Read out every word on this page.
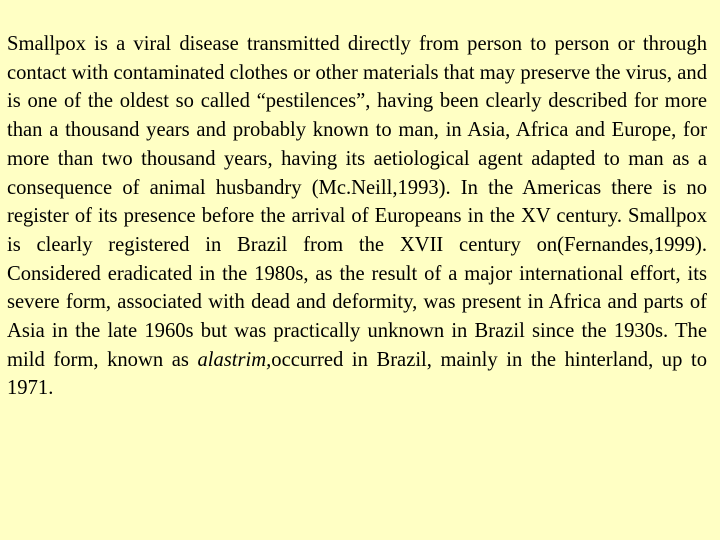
Smallpox is a viral disease transmitted directly from person to person or through contact with contaminated clothes or other materials that may preserve the virus, and is one of the oldest so called “pestilences”, having been clearly described for more than a thousand years and probably known to man, in Asia, Africa and Europe, for more than two thousand years, having its aetiological agent adapted to man as a consequence of animal husbandry (Mc.Neill,1993). In the Americas there is no register of its presence before the arrival of Europeans in the XV century. Smallpox is clearly registered in Brazil from the XVII century on(Fernandes,1999). Considered eradicated in the 1980s, as the result of a major international effort, its severe form, associated with dead and deformity, was present in Africa and parts of Asia in the late 1960s but was practically unknown in Brazil since the 1930s. The mild form, known as alastrim,occurred in Brazil, mainly in the hinterland, up to 1971.
